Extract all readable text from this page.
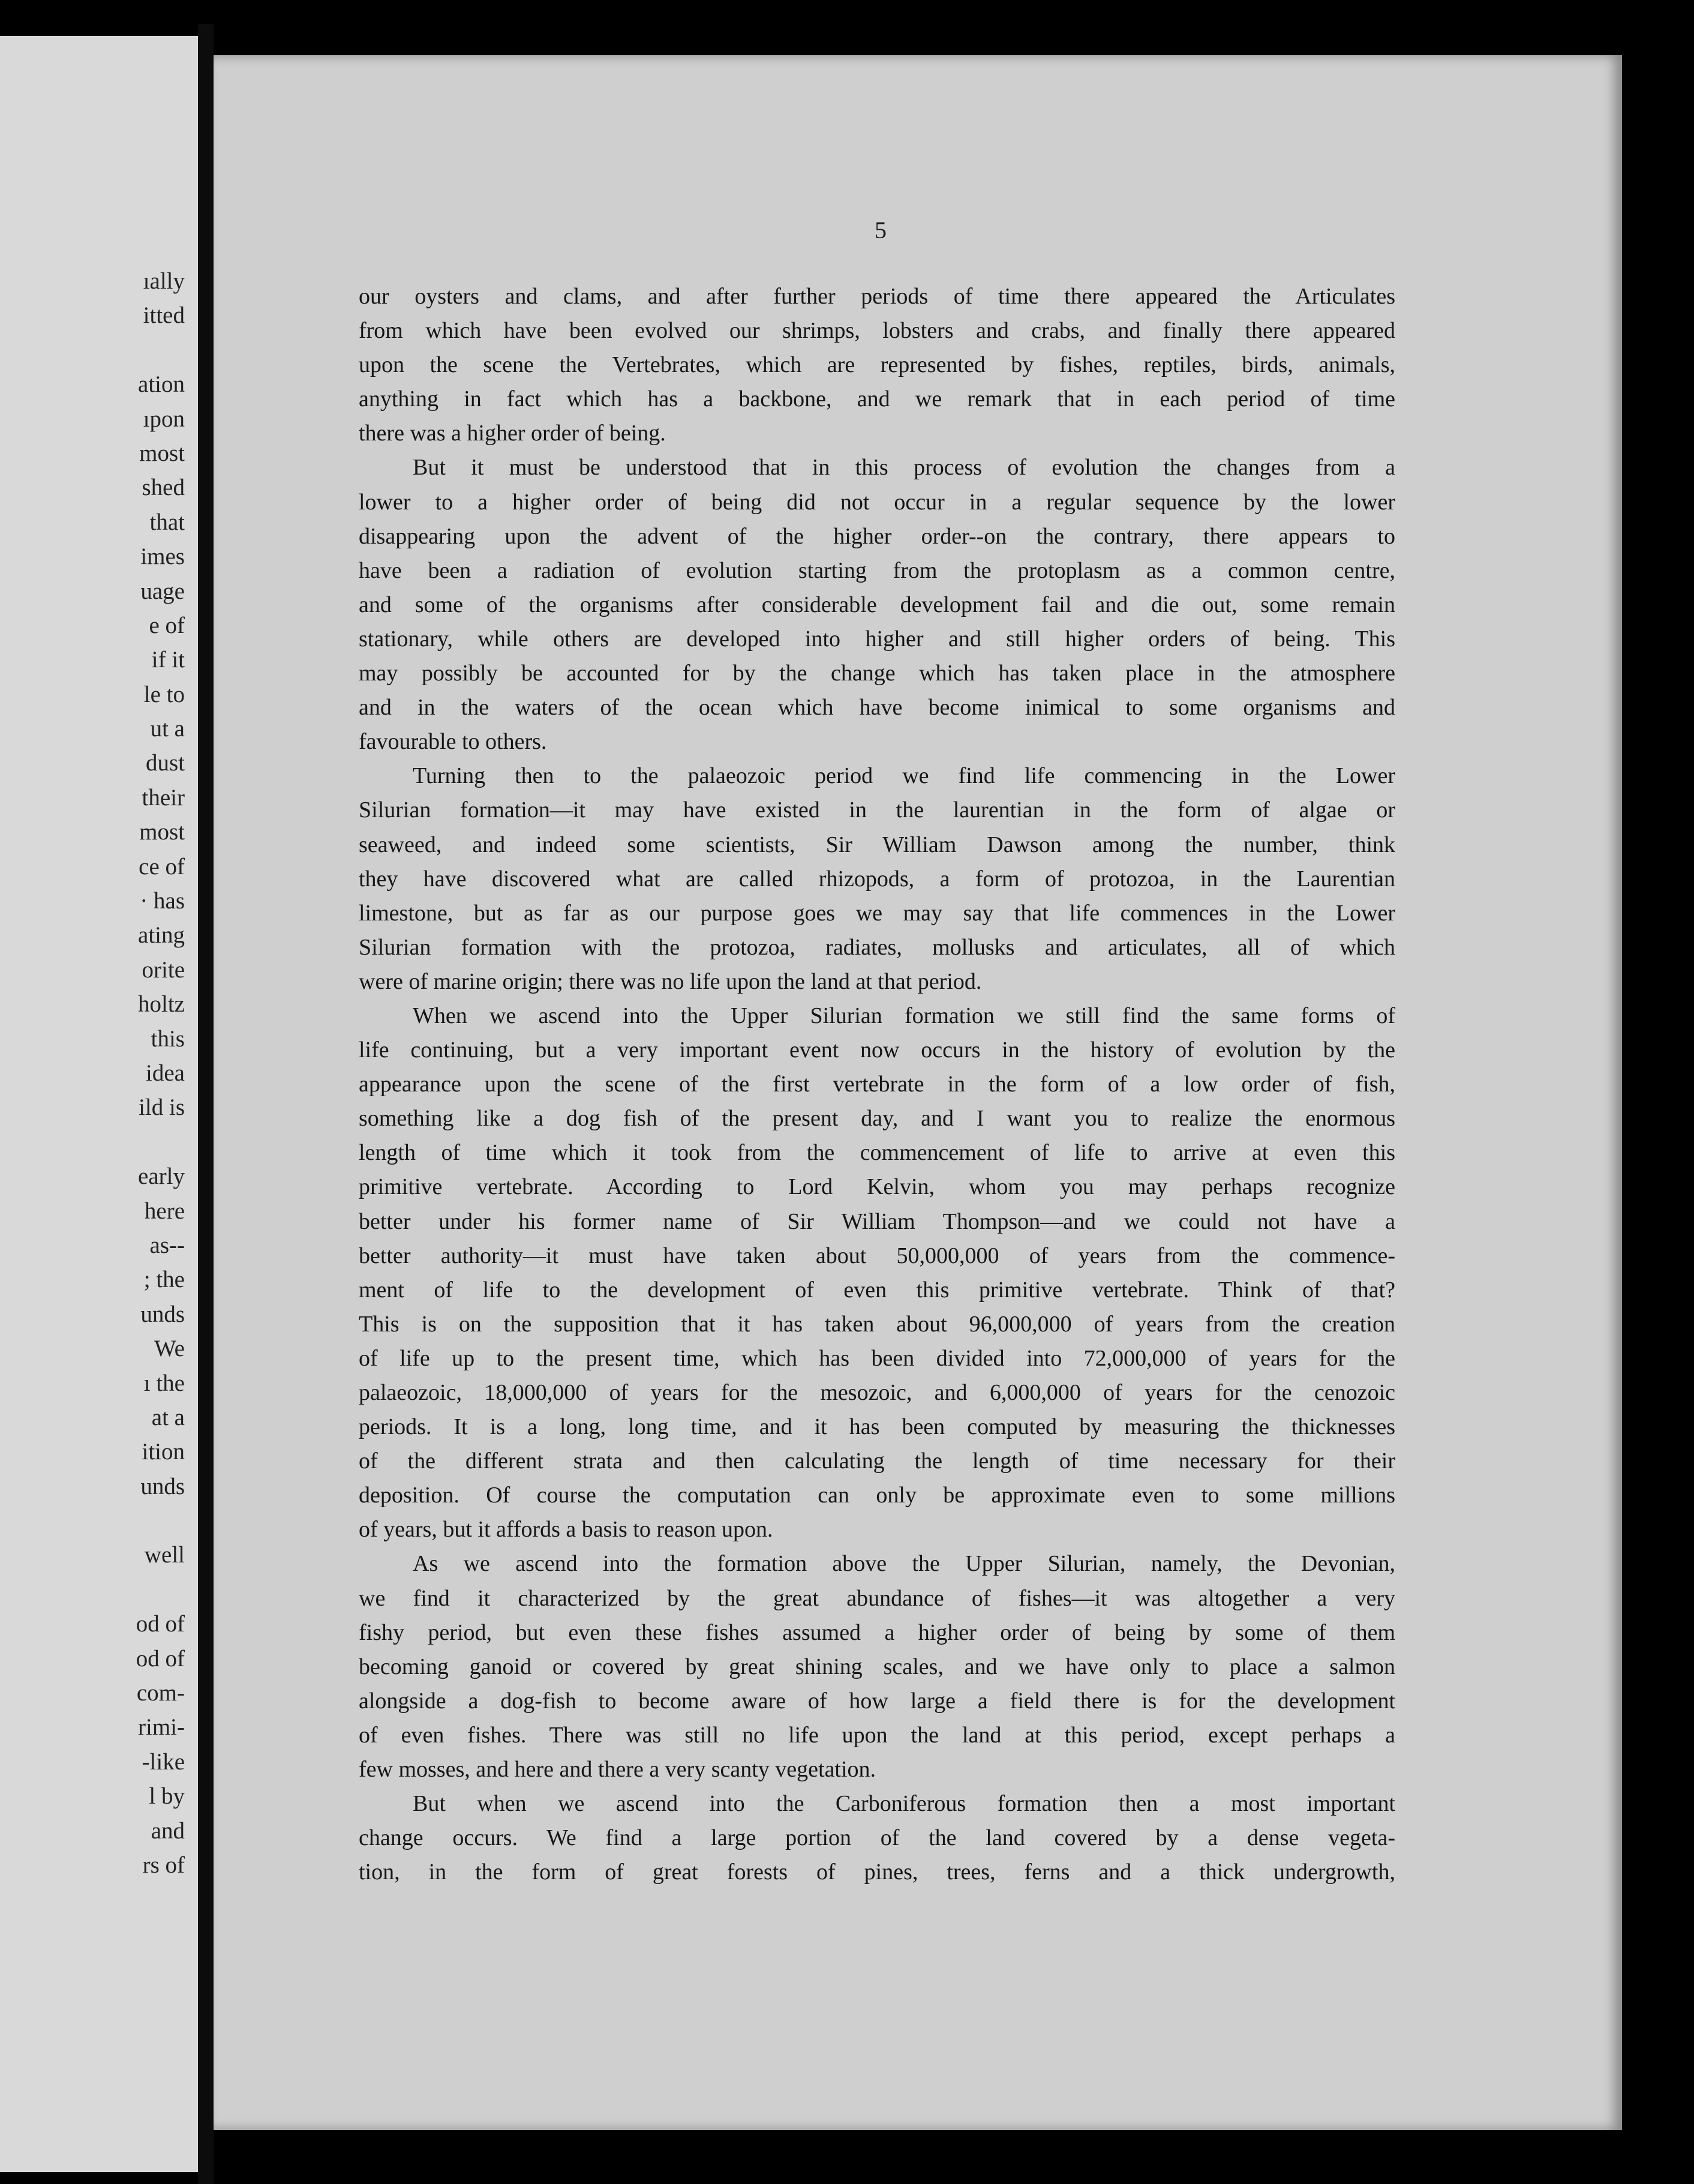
ıally
itted
ation
ıpon
most
shed
that
imes
uage
e of
if it
le to
ut a
dust
their
most
ce of
· has
ating
orite
holtz
this
idea
ild is
early
here
as--
; the
unds
We
ı the
at a
ition
unds
well
od of
od of
com-
rimi-
-like
l by
and
rs of
5
our oysters and clams, and after further periods of time there appeared the Articulates
from which have been evolved our shrimps, lobsters and crabs, and finally there appeared
upon the scene the Vertebrates, which are represented by fishes, reptiles, birds, animals,
anything in fact which has a backbone, and we remark that in each period of time
there was a higher order of being.
But it must be understood that in this process of evolution the changes from a
lower to a higher order of being did not occur in a regular sequence by the lower
disappearing upon the advent of the higher order--on the contrary, there appears to
have been a radiation of evolution starting from the protoplasm as a common centre,
and some of the organisms after considerable development fail and die out, some remain
stationary, while others are developed into higher and still higher orders of being. This
may possibly be accounted for by the change which has taken place in the atmosphere
and in the waters of the ocean which have become inimical to some organisms and
favourable to others.
Turning then to the palaeozoic period we find life commencing in the Lower
Silurian formation—it may have existed in the laurentian in the form of algae or
seaweed, and indeed some scientists, Sir William Dawson among the number, think
they have discovered what are called rhizopods, a form of protozoa, in the Laurentian
limestone, but as far as our purpose goes we may say that life commences in the Lower
Silurian formation with the protozoa, radiates, mollusks and articulates, all of which
were of marine origin; there was no life upon the land at that period.
When we ascend into the Upper Silurian formation we still find the same forms of
life continuing, but a very important event now occurs in the history of evolution by the
appearance upon the scene of the first vertebrate in the form of a low order of fish,
something like a dog fish of the present day, and I want you to realize the enormous
length of time which it took from the commencement of life to arrive at even this
primitive vertebrate. According to Lord Kelvin, whom you may perhaps recognize
better under his former name of Sir William Thompson—and we could not have a
better authority—it must have taken about 50,000,000 of years from the commence-
ment of life to the development of even this primitive vertebrate. Think of that?
This is on the supposition that it has taken about 96,000,000 of years from the creation
of life up to the present time, which has been divided into 72,000,000 of years for the
palaeozoic, 18,000,000 of years for the mesozoic, and 6,000,000 of years for the cenozoic
periods. It is a long, long time, and it has been computed by measuring the thicknesses
of the different strata and then calculating the length of time necessary for their
deposition. Of course the computation can only be approximate even to some millions
of years, but it affords a basis to reason upon.
As we ascend into the formation above the Upper Silurian, namely, the Devonian,
we find it characterized by the great abundance of fishes—it was altogether a very
fishy period, but even these fishes assumed a higher order of being by some of them
becoming ganoid or covered by great shining scales, and we have only to place a salmon
alongside a dog-fish to become aware of how large a field there is for the development
of even fishes. There was still no life upon the land at this period, except perhaps a
few mosses, and here and there a very scanty vegetation.
But when we ascend into the Carboniferous formation then a most important
change occurs. We find a large portion of the land covered by a dense vegeta-
tion, in the form of great forests of pines, trees, ferns and a thick undergrowth,
